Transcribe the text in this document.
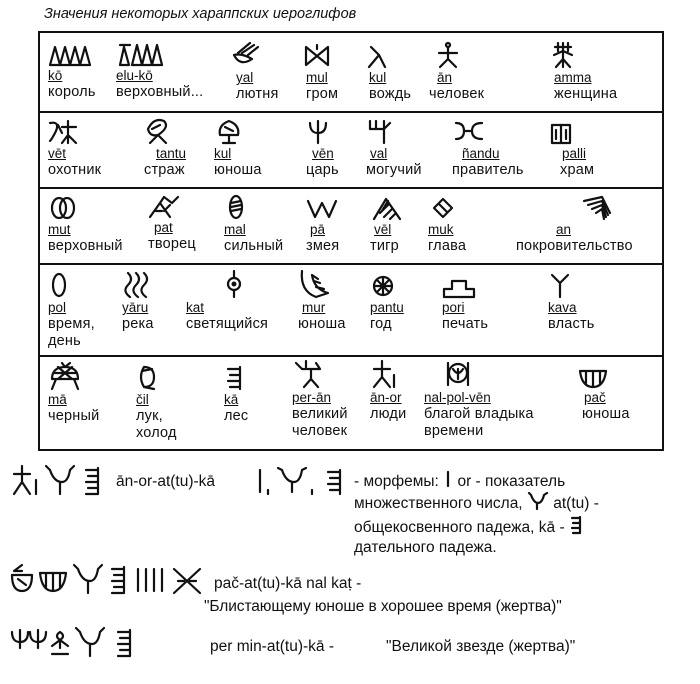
Значения некоторых хараппских иероглифов
kō
король
elu-kō
верховный...
yal
лютня
mul
гром
kul
вождь
ān
человек
amma
женщина
vēt
охотник
tantu
страж
kul
юноша
vēn
царь
val
могучий
ñandu
правитель
palli
храм
mut
верховный
pat
творец
mal
сильный
pā
змея
vēl
тигр
muk
глава
an
покровительство
pol
время,
день
yāru
река
kat
светящийся
mur
юноша
pantu
год
pori
печать
kava
власть
mā
черный
čil
лук,
холод
kā
лес
per-ān
великий
человек
ān-or
люди
nal-pol-vēn
благой владыка
времени
pač
юноша
ān-or-at(tu)-kā	- морфемы: or - показатель
множественного числа, at(tu) -
общекосвенного падежа, kā -
дательного падежа.
pač-at(tu)-kā nal kaṭ -
"Блистающему юноше в хорошее время (жертва)"
per min-at(tu)-kā -	"Великой звезде (жертва)"
